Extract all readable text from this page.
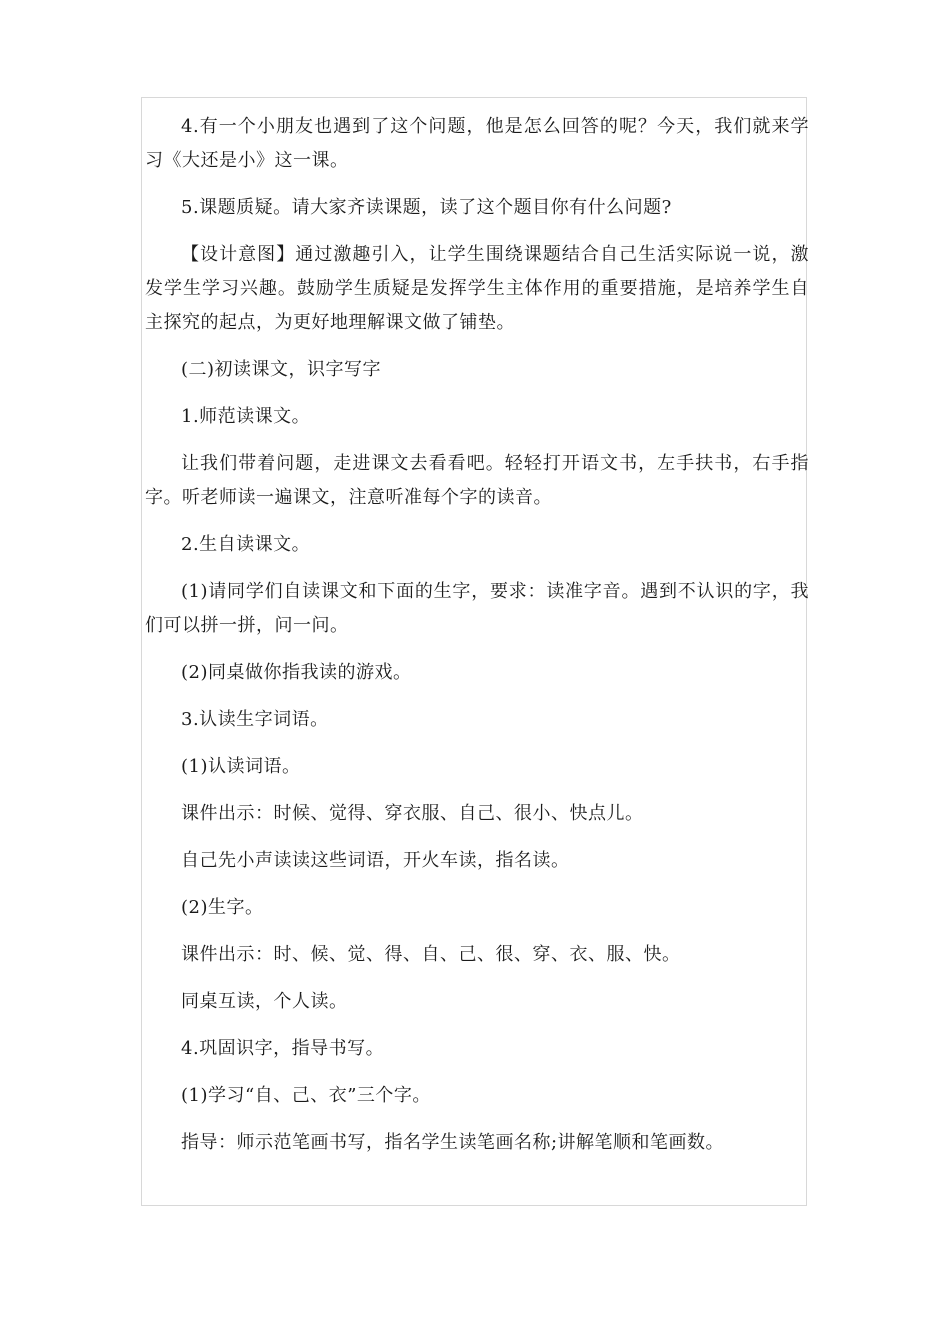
4.有一个小朋友也遇到了这个问题，他是怎么回答的呢？今天，我们就来学习《大还是小》这一课。

5.课题质疑。请大家齐读课题，读了这个题目你有什么问题?

【设计意图】通过激趣引入，让学生围绕课题结合自己生活实际说一说，激发学生学习兴趣。鼓励学生质疑是发挥学生主体作用的重要措施，是培养学生自主探究的起点，为更好地理解课文做了铺垫。

(二)初读课文，识字写字

1.师范读课文。

让我们带着问题，走进课文去看看吧。轻轻打开语文书，左手扶书，右手指字。听老师读一遍课文，注意听准每个字的读音。

2.生自读课文。

(1)请同学们自读课文和下面的生字，要求：读准字音。遇到不认识的字，我们可以拼一拼，问一问。

(2)同桌做你指我读的游戏。

3.认读生字词语。

(1)认读词语。

课件出示：时候、觉得、穿衣服、自己、很小、快点儿。

自己先小声读读这些词语，开火车读，指名读。

(2)生字。

课件出示：时、候、觉、得、自、己、很、穿、衣、服、快。

同桌互读，个人读。

4.巩固识字，指导书写。

(1)学习“自、己、衣”三个字。

指导：师示范笔画书写，指名学生读笔画名称;讲解笔顺和笔画数。
